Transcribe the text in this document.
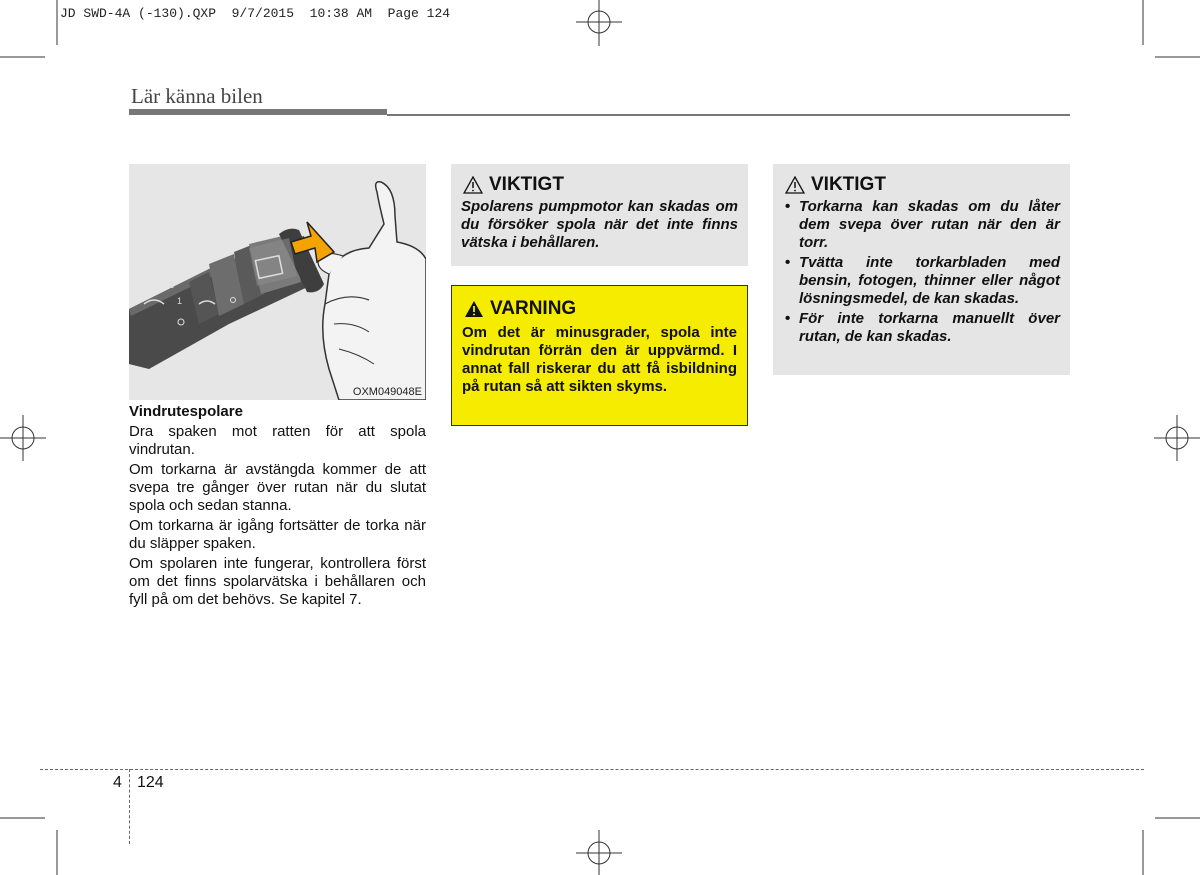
JD SWD-4A (-130).QXP  9/7/2015  10:38 AM  Page 124
Lär känna bilen
2
1
OXM049048E
Vindrutespolare

Dra spaken mot ratten för att spola vindrutan.

Om torkarna är avstängda kommer de att svepa tre gånger över rutan när du slutat spola och sedan stanna.

Om torkarna är igång fortsätter de torka när du släpper spaken.

Om spolaren inte fungerar, kontrollera först om det finns spolarvätska i behållaren och fyll på om det behövs. Se kapitel 7.

VIKTIGT
Spolarens pumpmotor kan skadas om du försöker spola när det inte finns vätska i behållaren.
VARNING
Om det är minusgrader, spola inte vindrutan förrän den är uppvärmd. I annat fall riskerar du att få isbildning på rutan så att sikten skyms.
VIKTIGT
• Torkarna kan skadas om du låter dem svepa över rutan när den är torr.
• Tvätta inte torkarbladen med bensin, fotogen, thinner eller något lösningsmedel, de kan skadas.
• För inte torkarna manuellt över rutan, de kan skadas.
4 124
